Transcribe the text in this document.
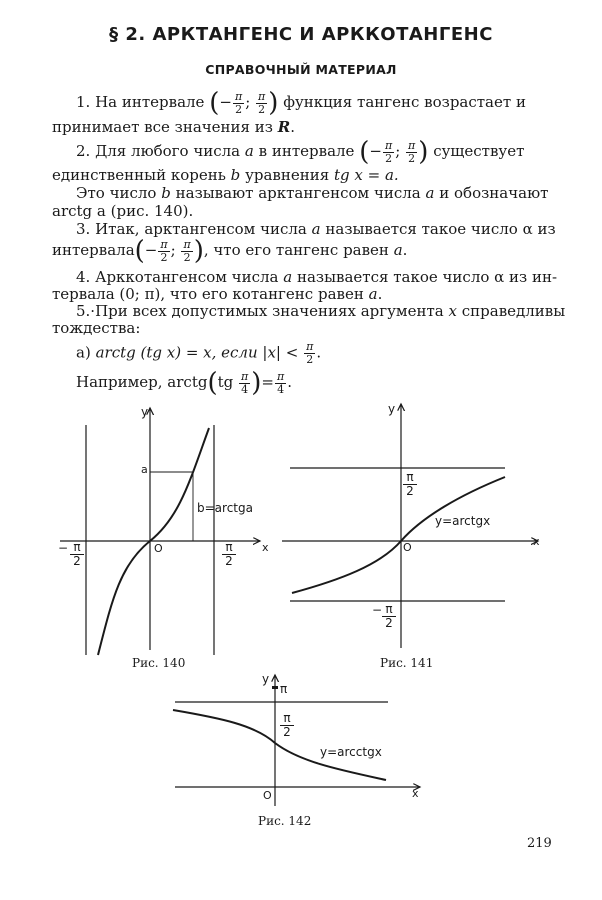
§ 2. АРКТАНГЕНС И АРККОТАНГЕНС
СПРАВОЧНЫЙ МАТЕРИАЛ
1. На интервале (− $\frac{\pi}{2}$ ; $\frac{\pi}{2}$ ) функция тангенс возрастает и
принимает все значения из R.
2. Для любого числа a в интервале (− $\frac{\pi}{2}$ ; $\frac{\pi}{2}$ ) существует
единственный корень b уравнения tg x = a.
Это число b называют арктангенсом числа a и обозначают
arctg a (рис. 140).
3. Итак, арктангенсом числа a называется такое число α из
интервала(− $\frac{\pi}{2}$ ; $\frac{\pi}{2}$ ), что его тангенс равен a.
4. Арккотангенсом числа a называется такое число α из ин-
тервала (0; π), что его котангенс равен a.
5.·При всех допустимых значениях аргумента x справедливы
тождества:
а) arctg (tg x) = x, если $|x| < \frac{\pi}{2}$ .
Например, arctg(tg $\frac{\pi}{4}$ )= $\frac{\pi}{4}$ .
y
x
O
a
b=arctga
− π
2
π
2
Рис. 140
y
x
O
y=arctgx
π
2
− π
2
Рис. 141
y
x
O
π
π
2
y=arcctgx
Рис. 142
219
